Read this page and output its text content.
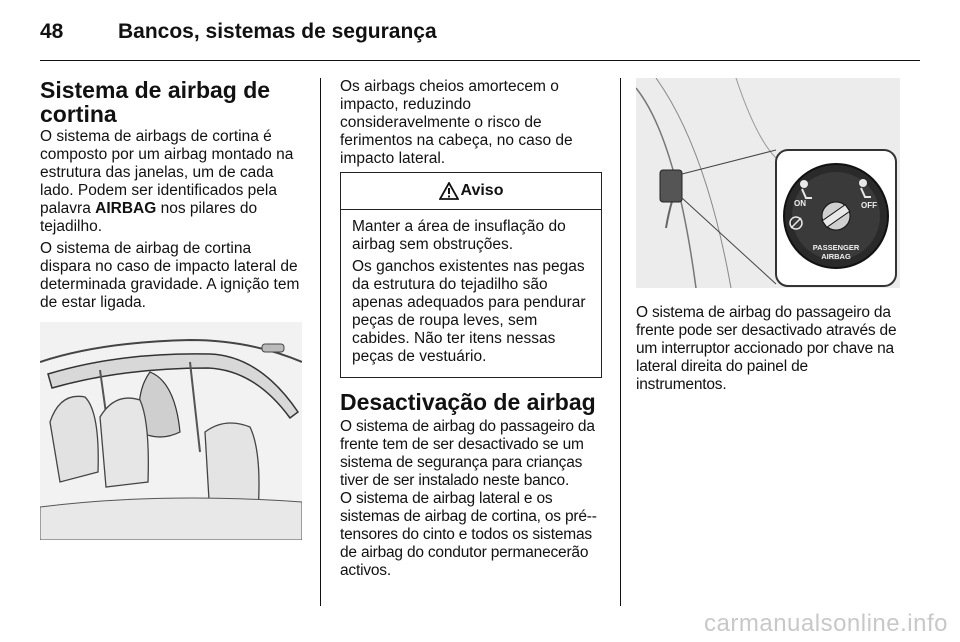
48	Bancos, sistemas de segurança
Sistema de airbag de cortina

O sistema de airbags de cortina é composto por um airbag montado na estrutura das janelas, um de cada lado. Podem ser identificados pela palavra AIRBAG nos pilares do tejadilho.

O sistema de airbag de cortina dispara no caso de impacto lateral de determinada gravidade. A ignição tem de estar ligada.

Os airbags cheios amortecem o impacto, reduzindo consideravelmente o risco de ferimentos na cabeça, no caso de impacto lateral.

Aviso

Manter a área de insuflação do airbag sem obstruções.

Os ganchos existentes nas pegas da estrutura do tejadilho são apenas adequados para pendurar peças de roupa leves, sem cabides. Não ter itens nessas peças de vestuário.

Desactivação de airbag

O sistema de airbag do passageiro da frente tem de ser desactivado se um sistema de segurança para crianças tiver de ser instalado neste banco.

O sistema de airbag lateral e os sistemas de airbag de cortina, os pré--tensores do cinto e todos os sistemas de airbag do condutor permanecerão activos.

ON	OFF
PASSENGER
AIRBAG

O sistema de airbag do passageiro da frente pode ser desactivado através de um interruptor accionado por chave na lateral direita do painel de instrumentos.

carmanualsonline.info
